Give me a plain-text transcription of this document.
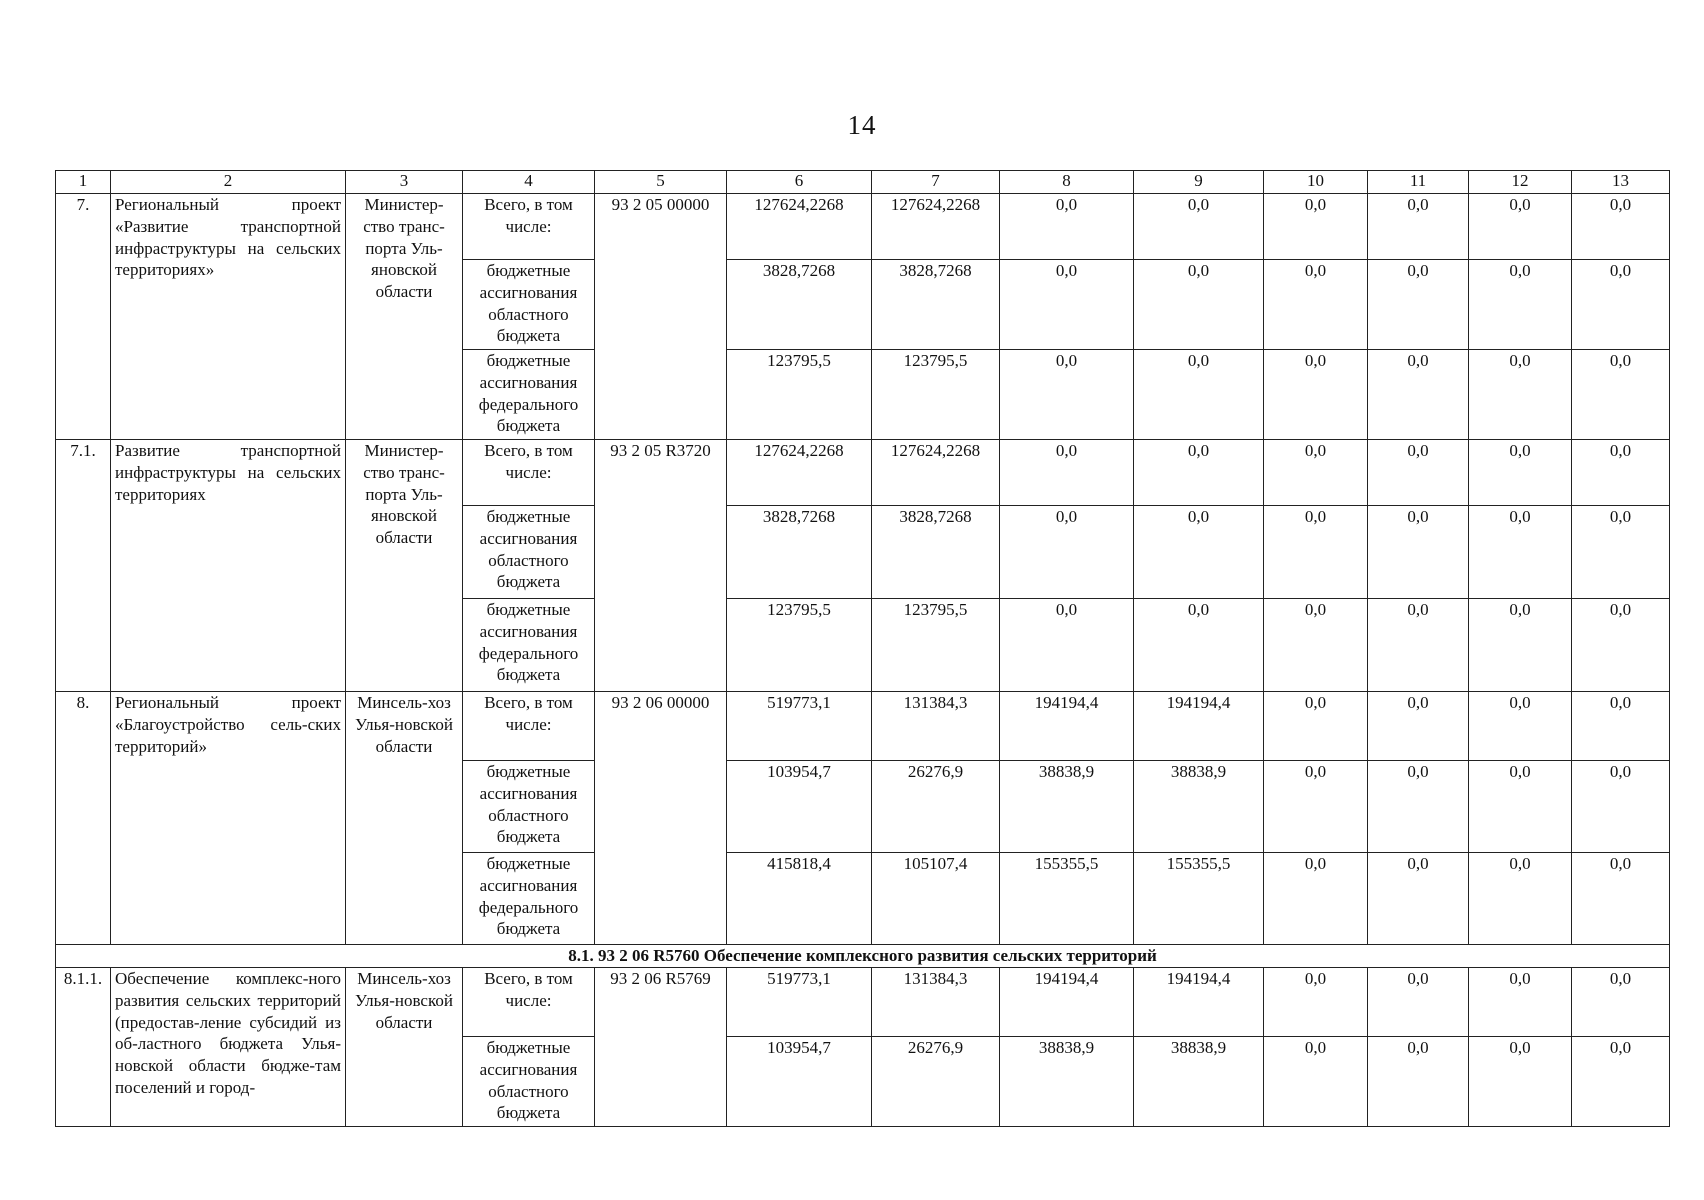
14
1	2	3	4	5	6	7	8	9	10	11	12	13
7.	Региональный проект «Развитие транспортной инфраструктуры на сельских территориях»	Министер-ство транс-порта Уль-яновской области	Всего, в том числе:	93 2 05 00000	127624,2268	127624,2268	0,0	0,0	0,0	0,0	0,0	0,0
			бюджетные ассигнования областного бюджета		3828,7268	3828,7268	0,0	0,0	0,0	0,0	0,0	0,0
			бюджетные ассигнования федерального бюджета		123795,5	123795,5	0,0	0,0	0,0	0,0	0,0	0,0
7.1.	Развитие транспортной инфраструктуры на сельских территориях	Министер-ство транс-порта Уль-яновской области	Всего, в том числе:	93 2 05 R3720	127624,2268	127624,2268	0,0	0,0	0,0	0,0	0,0	0,0
			бюджетные ассигнования областного бюджета		3828,7268	3828,7268	0,0	0,0	0,0	0,0	0,0	0,0
			бюджетные ассигнования федерального бюджета		123795,5	123795,5	0,0	0,0	0,0	0,0	0,0	0,0
8.	Региональный проект «Благоустройство сель-ских территорий»	Минсель-хоз Улья-новской области	Всего, в том числе:	93 2 06 00000	519773,1	131384,3	194194,4	194194,4	0,0	0,0	0,0	0,0
			бюджетные ассигнования областного бюджета		103954,7	26276,9	38838,9	38838,9	0,0	0,0	0,0	0,0
			бюджетные ассигнования федерального бюджета		415818,4	105107,4	155355,5	155355,5	0,0	0,0	0,0	0,0
8.1. 93 2 06 R5760 Обеспечение комплексного развития сельских территорий												
8.1.1.	Обеспечение комплекс-ного развития сельских территорий (предостав-ление субсидий из об-ластного бюджета Улья-новской области бюдже-там поселений и город-	Минсель-хоз Улья-новской области	Всего, в том числе:	93 2 06 R5769	519773,1	131384,3	194194,4	194194,4	0,0	0,0	0,0	0,0
			бюджетные ассигнования областного бюджета		103954,7	26276,9	38838,9	38838,9	0,0	0,0	0,0	0,0
